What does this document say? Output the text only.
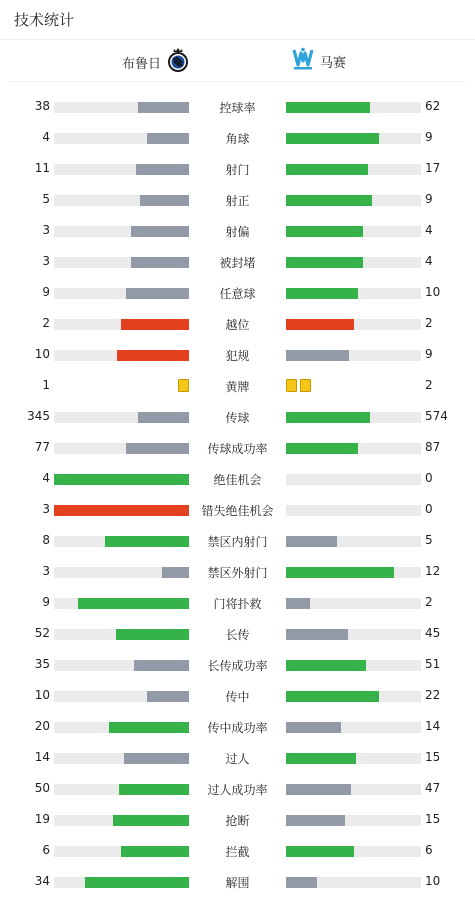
技术统计
布鲁日	马赛
38	控球率	62
4	角球	9
11	射门	17
5	射正	9
3	射偏	4
3	被封堵	4
9	任意球	10
2	越位	2
10	犯规	9
1	黄牌	2
345	传球	574
77	传球成功率	87
4	绝佳机会	0
3	错失绝佳机会	0
8	禁区内射门	5
3	禁区外射门	12
9	门将扑救	2
52	长传	45
35	长传成功率	51
10	传中	22
20	传中成功率	14
14	过人	15
50	过人成功率	47
19	抢断	15
6	拦截	6
34	解围	10
